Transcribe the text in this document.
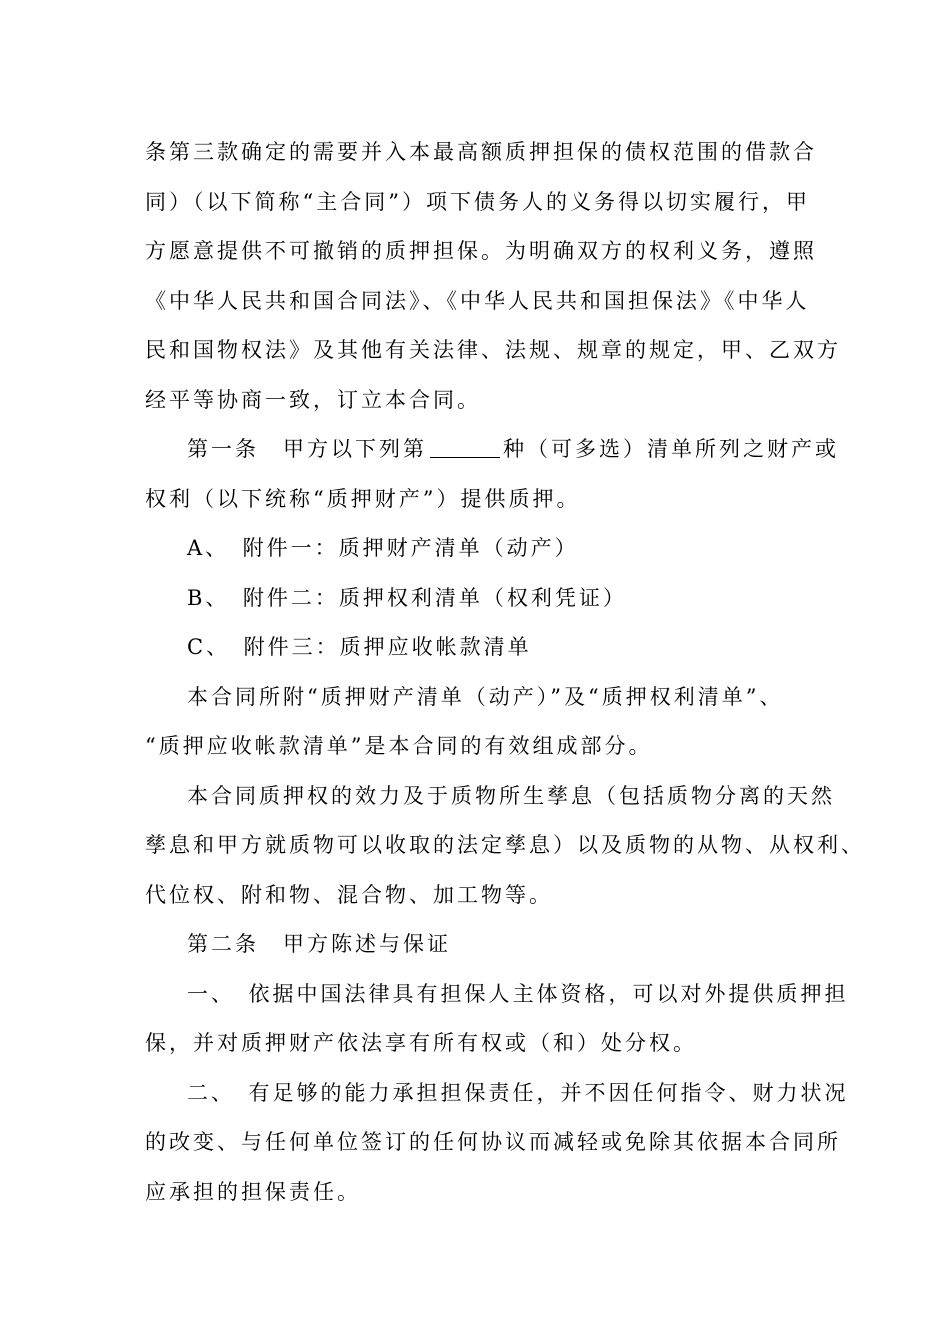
条第三款确定的需要并入本最高额质押担保的债权范围的借款合
同）（以下简称“主合同”）项下债务人的义务得以切实履行，甲
方愿意提供不可撤销的质押担保。为明确双方的权利义务，遵照
《中华人民共和国合同法》、《中华人民共和国担保法》《中华人
民和国物权法》及其他有关法律、法规、规章的规定，甲、乙双方
经平等协商一致，订立本合同。
第一条　甲方以下列第	种（可多选）清单所列之财产或
权利（以下统称“质押财产”）提供质押。
A、　附件一：质押财产清单（动产）
B、　附件二：质押权利清单（权利凭证）
C、　附件三：质押应收帐款清单
本合同所附“质押财产清单（动产）”及“质押权利清单”、
“质押应收帐款清单”是本合同的有效组成部分。
本合同质押权的效力及于质物所生孳息（包括质物分离的天然
孳息和甲方就质物可以收取的法定孳息）以及质物的从物、从权利、
代位权、附和物、混合物、加工物等。
第二条　甲方陈述与保证
一、　依据中国法律具有担保人主体资格，可以对外提供质押担
保，并对质押财产依法享有所有权或（和）处分权。
二、　有足够的能力承担担保责任，并不因任何指令、财力状况
的改变、与任何单位签订的任何协议而减轻或免除其依据本合同所
应承担的担保责任。
